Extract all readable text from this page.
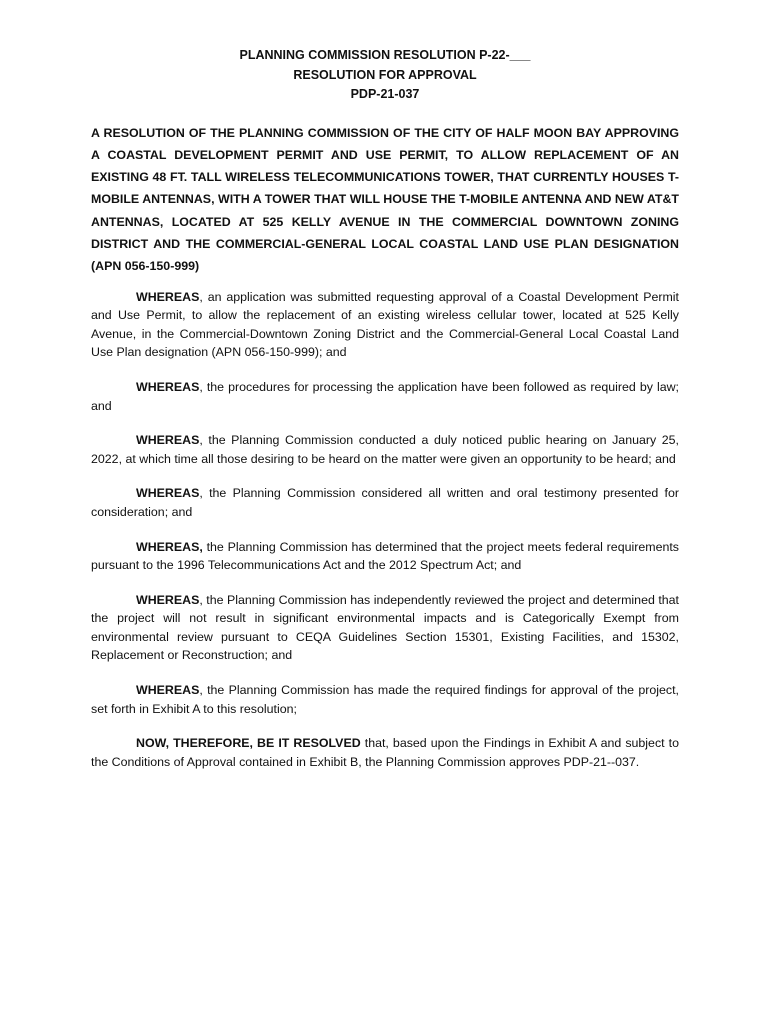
PLANNING COMMISSION RESOLUTION P-22-___
RESOLUTION FOR APPROVAL
PDP-21-037
A RESOLUTION OF THE PLANNING COMMISSION OF THE CITY OF HALF MOON BAY APPROVING A COASTAL DEVELOPMENT PERMIT AND USE PERMIT, TO ALLOW REPLACEMENT OF AN EXISTING 48 FT. TALL WIRELESS TELECOMMUNICATIONS TOWER, THAT CURRENTLY HOUSES T-MOBILE ANTENNAS, WITH A TOWER THAT WILL HOUSE THE T-MOBILE ANTENNA AND NEW AT&T ANTENNAS, LOCATED AT 525 KELLY AVENUE IN THE COMMERCIAL DOWNTOWN ZONING DISTRICT AND THE COMMERCIAL-GENERAL LOCAL COASTAL LAND USE PLAN DESIGNATION (APN 056-150-999)
WHEREAS, an application was submitted requesting approval of a Coastal Development Permit and Use Permit, to allow the replacement of an existing wireless cellular tower, located at 525 Kelly Avenue, in the Commercial-Downtown Zoning District and the Commercial-General Local Coastal Land Use Plan designation (APN 056-150-999); and
WHEREAS, the procedures for processing the application have been followed as required by law; and
WHEREAS, the Planning Commission conducted a duly noticed public hearing on January 25, 2022, at which time all those desiring to be heard on the matter were given an opportunity to be heard; and
WHEREAS, the Planning Commission considered all written and oral testimony presented for consideration; and
WHEREAS, the Planning Commission has determined that the project meets federal requirements pursuant to the 1996 Telecommunications Act and the 2012 Spectrum Act; and
WHEREAS, the Planning Commission has independently reviewed the project and determined that the project will not result in significant environmental impacts and is Categorically Exempt from environmental review pursuant to CEQA Guidelines Section 15301, Existing Facilities, and 15302, Replacement or Reconstruction; and
WHEREAS, the Planning Commission has made the required findings for approval of the project, set forth in Exhibit A to this resolution;
NOW, THEREFORE, BE IT RESOLVED that, based upon the Findings in Exhibit A and subject to the Conditions of Approval contained in Exhibit B, the Planning Commission approves PDP-21--037.
